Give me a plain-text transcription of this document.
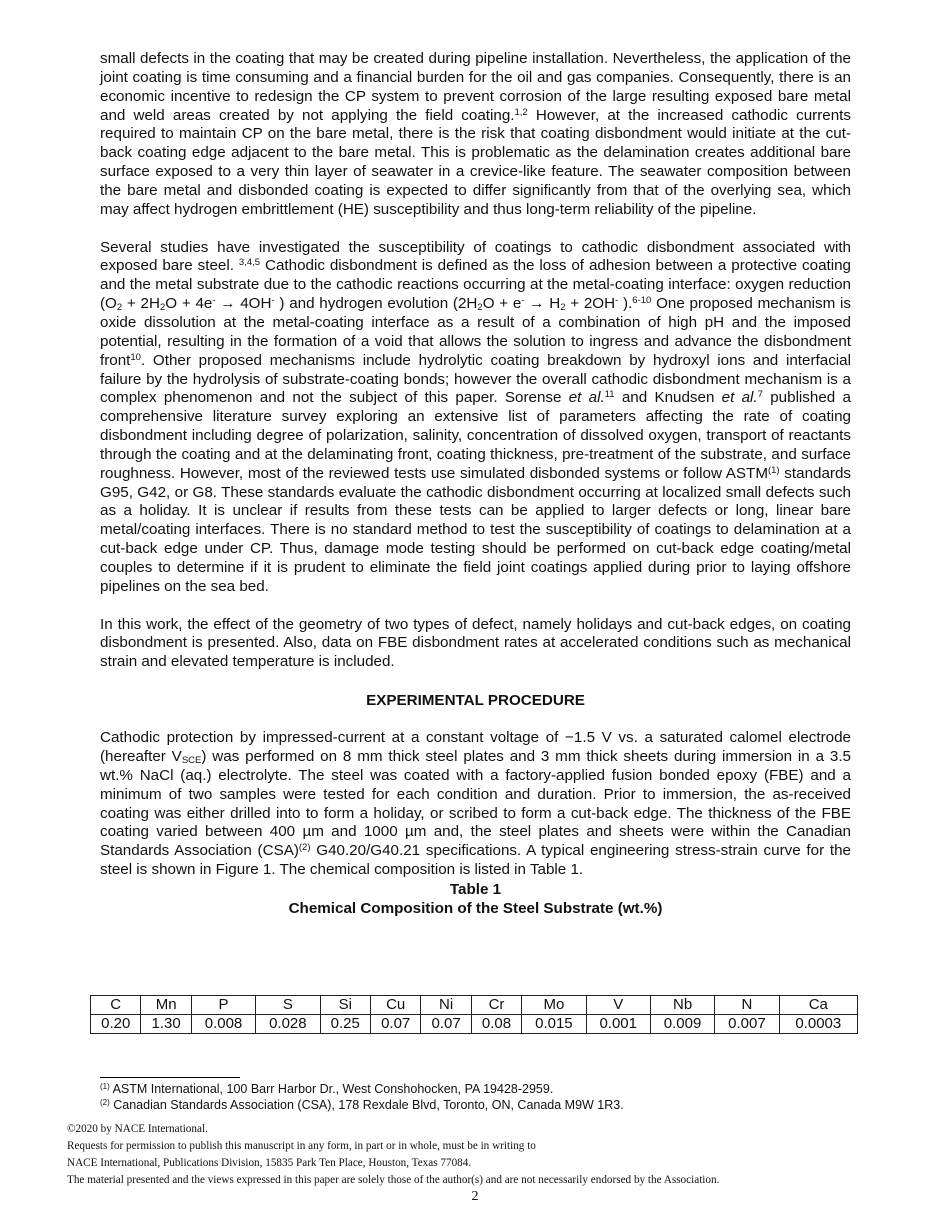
small defects in the coating that may be created during pipeline installation. Nevertheless, the application of the joint coating is time consuming and a financial burden for the oil and gas companies. Consequently, there is an economic incentive to redesign the CP system to prevent corrosion of the large resulting exposed bare metal and weld areas created by not applying the field coating.$^{1,2}$ However, at the increased cathodic currents required to maintain CP on the bare metal, there is the risk that coating disbondment would initiate at the cut-back coating edge adjacent to the bare metal. This is problematic as the delamination creates additional bare surface exposed to a very thin layer of seawater in a crevice-like feature. The seawater composition between the bare metal and disbonded coating is expected to differ significantly from that of the overlying sea, which may affect hydrogen embrittlement (HE) susceptibility and thus long-term reliability of the pipeline.

Several studies have investigated the susceptibility of coatings to cathodic disbondment associated with exposed bare steel. $^{3,4,5}$ Cathodic disbondment is defined as the loss of adhesion between a protective coating and the metal substrate due to the cathodic reactions occurring at the metal-coating interface: oxygen reduction ($O_2 + 2H_2O + 4e^- \to 4OH^-$ ) and hydrogen evolution ($2H_2O + e^- \to H_2 + 2OH^-$ ).$^{6-10}$ One proposed mechanism is oxide dissolution at the metal-coating interface as a result of a combination of high pH and the imposed potential, resulting in the formation of a void that allows the solution to ingress and advance the disbondment front$^{10}$. Other proposed mechanisms include hydrolytic coating breakdown by hydroxyl ions and interfacial failure by the hydrolysis of substrate-coating bonds; however the overall cathodic disbondment mechanism is a complex phenomenon and not the subject of this paper. Sorense et al.$^{11}$ and Knudsen et al.$^7$ published a comprehensive literature survey exploring an extensive list of parameters affecting the rate of coating disbondment including degree of polarization, salinity, concentration of dissolved oxygen, transport of reactants through the coating and at the delaminating front, coating thickness, pre-treatment of the substrate, and surface roughness. However, most of the reviewed tests use simulated disbonded systems or follow ASTM$^{(1)}$ standards G95, G42, or G8. These standards evaluate the cathodic disbondment occurring at localized small defects such as a holiday. It is unclear if results from these tests can be applied to larger defects or long, linear bare metal/coating interfaces. There is no standard method to test the susceptibility of coatings to delamination at a cut-back edge under CP. Thus, damage mode testing should be performed on cut-back edge coating/metal couples to determine if it is prudent to eliminate the field joint coatings applied during prior to laying offshore pipelines on the sea bed.

In this work, the effect of the geometry of two types of defect, namely holidays and cut-back edges, on coating disbondment is presented. Also, data on FBE disbondment rates at accelerated conditions such as mechanical strain and elevated temperature is included.

EXPERIMENTAL PROCEDURE

Cathodic protection by impressed-current at a constant voltage of −1.5 V vs. a saturated calomel electrode (hereafter $V_{SCE}$) was performed on 8 mm thick steel plates and 3 mm thick sheets during immersion in a 3.5 wt.% NaCl (aq.) electrolyte. The steel was coated with a factory-applied fusion bonded epoxy (FBE) and a minimum of two samples were tested for each condition and duration. Prior to immersion, the as-received coating was either drilled into to form a holiday, or scribed to form a cut-back edge. The thickness of the FBE coating varied between 400 µm and 1000 µm and, the steel plates and sheets were within the Canadian Standards Association (CSA)$^{(2)}$ G40.20/G40.21 specifications. A typical engineering stress-strain curve for the steel is shown in Figure 1. The chemical composition is listed in Table 1.

Table 1
Chemical Composition of the Steel Substrate (wt.%)
C	Mn	P	S	Si	Cu	Ni	Cr	Mo	V	Nb	N	Ca
0.20	1.30	0.008	0.028	0.25	0.07	0.07	0.08	0.015	0.001	0.009	0.007	0.0003
$^{(1)}$ ASTM International, 100 Barr Harbor Dr., West Conshohocken, PA 19428-2959.
$^{(2)}$ Canadian Standards Association (CSA), 178 Rexdale Blvd, Toronto, ON, Canada M9W 1R3.
©2020 by NACE International.
Requests for permission to publish this manuscript in any form, in part or in whole, must be in writing to
NACE International, Publications Division, 15835 Park Ten Place, Houston, Texas 77084.
The material presented and the views expressed in this paper are solely those of the author(s) and are not necessarily endorsed by the Association.
2
